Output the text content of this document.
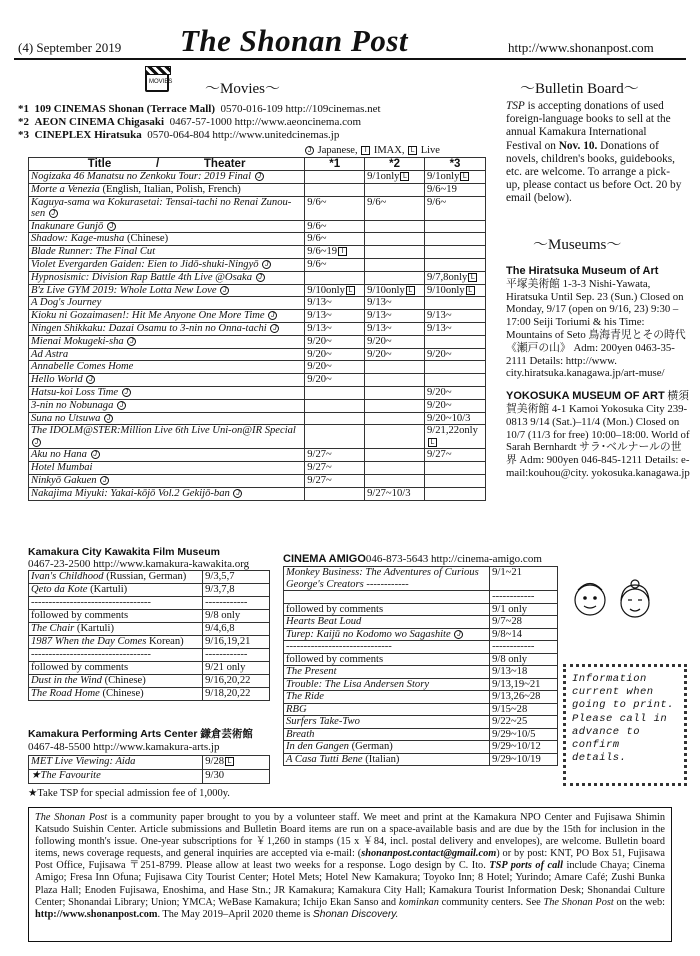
(4) September 2019 The Shonan Post	http://www.shonanpost.com
MOVIES ～Movies～
*1 109 CINEMAS Shonan (Terrace Mall) 0570-016-109 http://109cinemas.net
*2 AEON CINEMA Chigasaki 0467-57-1000 http://www.aeoncinema.com
*3 CINEPLEX Hiratsuka 0570-064-804 http://www.unitedcinemas.jp
J Japanese, I IMAX, L Live
Title / Theater	*1	*2	*3
Nogizaka 46 Manatsu no Zenkoku Tour: 2019 Final J		9/1only L	9/1only L
Morte a Venezia (English, Italian, Polish, French)			9/6~19
Kaguya-sama wa Kokurasetai: Tensai-tachi no Renai Zunou-sen J	9/6~	9/6~	9/6~
Inakunare Gunjō J	9/6~		
Shadow: Kage-musha (Chinese)	9/6~		
Blade Runner: The Final Cut	9/6~19 I		
Violet Evergarden Gaiden: Eien to Jidō-shuki-Ningyō J	9/6~		
Hypnosismic: Division Rap Battle 4th Live @Osaka J			9/7,8only L
B'z Live GYM 2019: Whole Lotta New Love J	9/10only L	9/10only L	9/10only L
A Dog's Journey	9/13~	9/13~	
Kioku ni Gozaimasen!: Hit Me Anyone One More Time J	9/13~	9/13~	9/13~
Ningen Shikkaku: Dazai Osamu to 3-nin no Onna-tachi J	9/13~	9/13~	9/13~
Mienai Mokugeki-sha J	9/20~	9/20~	
Ad Astra	9/20~	9/20~	9/20~
Annabelle Comes Home	9/20~		
Hello World J	9/20~		
Hatsu-koi Loss Time J			9/20~
3-nin no Nobunaga J			9/20~
Suna no Utsuwa J			9/20~10/3
The IDOLM@STER:Million Live 6th Live Uni-on@IR Special J			9/21,22onlyL
Aku no Hana J	9/27~		9/27~
Hotel Mumbai	9/27~		
Ninkyō Gakuen J	9/27~		
Nakajima Miyuki: Yakai-kōjō Vol.2 Gekijō-ban J		9/27~10/3	
Kamakura City Kawakita Film Museum
0467-23-2500 http://www.kamakura-kawakita.org
Ivan's Childhood (Russian, German)	9/3,5,7
Qeto da Kote (Kartuli)	9/3,7,8
----------------------------------	------------
followed by comments	9/8 only
The Chair (Kartuli)	9/4,6,8
1987 When the Day Comes Korean)	9/16,19,21
----------------------------------	------------
followed by comments	9/21 only
Dust in the Wind (Chinese)	9/16,20,22
The Road Home (Chinese)	9/18,20,22
Kamakura Performing Arts Center 鎌倉芸術館
0467-48-5500 http://www.kamakura-arts.jp
MET Live Viewing: Aida	9/28 L
★The Favourite	9/30
★Take TSP for special admission fee of 1,000y.
CINEMA AMIGO046-873-5643 http://cinema-amigo.com
Monkey Business: The Adventures of Curious George's Creators ------------	9/1~21
	------------
followed by comments	9/1 only
Hearts Beat Loud	9/7~28
Turep: Kaijū no Kodomo wo Sagashite J	9/8~14
------------------------------	------------
followed by comments	9/8 only
The Present	9/13~18
Trouble: The Lisa Andersen Story	9/13,19~21
The Ride	9/13,26~28
RBG	9/15~28
Surfers Take-Two	9/22~25
Breath	9/29~10/5
In den Gangen (German)	9/29~10/12
A Casa Tutti Bene (Italian)	9/29~10/19
～Bulletin Board～
TSP is accepting donations of used foreign-language books to sell at the annual Kamakura International Festival on Nov. 10. Donations of novels, children's books, guidebooks, etc. are welcome. To arrange a pick-up, please contact us before Oct. 20 by email (below).
～Museums～

The Hiratsuka Museum of Art
平塚美術館 1-3-3 Nishi-Yawata, Hiratsuka Until Sep. 23 (Sun.) Closed on Monday, 9/17 (open on 9/16, 23) 9:30 –17:00 Seiji Toriumi & his Time: Mountains of Seto 鳥海青児とその時代《瀬戸の山》 Adm: 200yen 0463-35-2111 Details: http://www. city.hiratsuka.kanagawa.jp/art-muse/

YOKOSUKA MUSEUM OF ART 横須賀美術館 4-1 Kamoi Yokosuka City 239-0813 9/14 (Sat.)–11/4 (Mon.) Closed on 10/7 (11/3 for free) 10:00–18:00. World of Sarah Bernhardt サラ･ベルナールの世界 Adm: 900yen 046-845-1211 Details: e-mail:kouhou@city. yokosuka.kanagawa.jp

Information current when going to print. Please call in advance to confirm details.
The Shonan Post is a community paper brought to you by a volunteer staff. We meet and print at the Kamakura NPO Center and Fujisawa Shimin Katsudo Suishin Center. Article submissions and Bulletin Board items are run on a space-available basis and are due by the 15th for inclusion in the following month's issue. One-year subscriptions for ￥1,260 in stamps (15 x ￥84, incl. postal delivery and envelopes), are welcome. Bulletin board items, news coverage requests, and general inquiries are accepted via e-mail: (shonanpost.contact@gmail.com) or by post: KNT, PO Box 51, Fujisawa Post Office, Fujisawa 〒251-8799. Please allow at least two weeks for a response. Logo design by C. Ito. TSP ports of call include Chaya; Cinema Amigo; Fresa Inn Ofuna; Fujisawa City Tourist Center; Hotel Mets; Hotel New Kamakura; Toyoko Inn; 8 Hotel; Yurindo; Amare Café; Zushi Bunka Plaza Hall; Enoden Fujisawa, Enoshima, and Hase Stn.; JR Kamakura; Kamakura City Hall; Kamakura Tourist Information Desk; Shonandai Culture Center; Shonandai Library; Union; YMCA; WeBase Kamakura; Ichijo Ekan Sanso and kominkan community centers. See The Shonan Post on the web: http://www.shonanpost.com. The May 2019–April 2020 theme is Shonan Discovery.
